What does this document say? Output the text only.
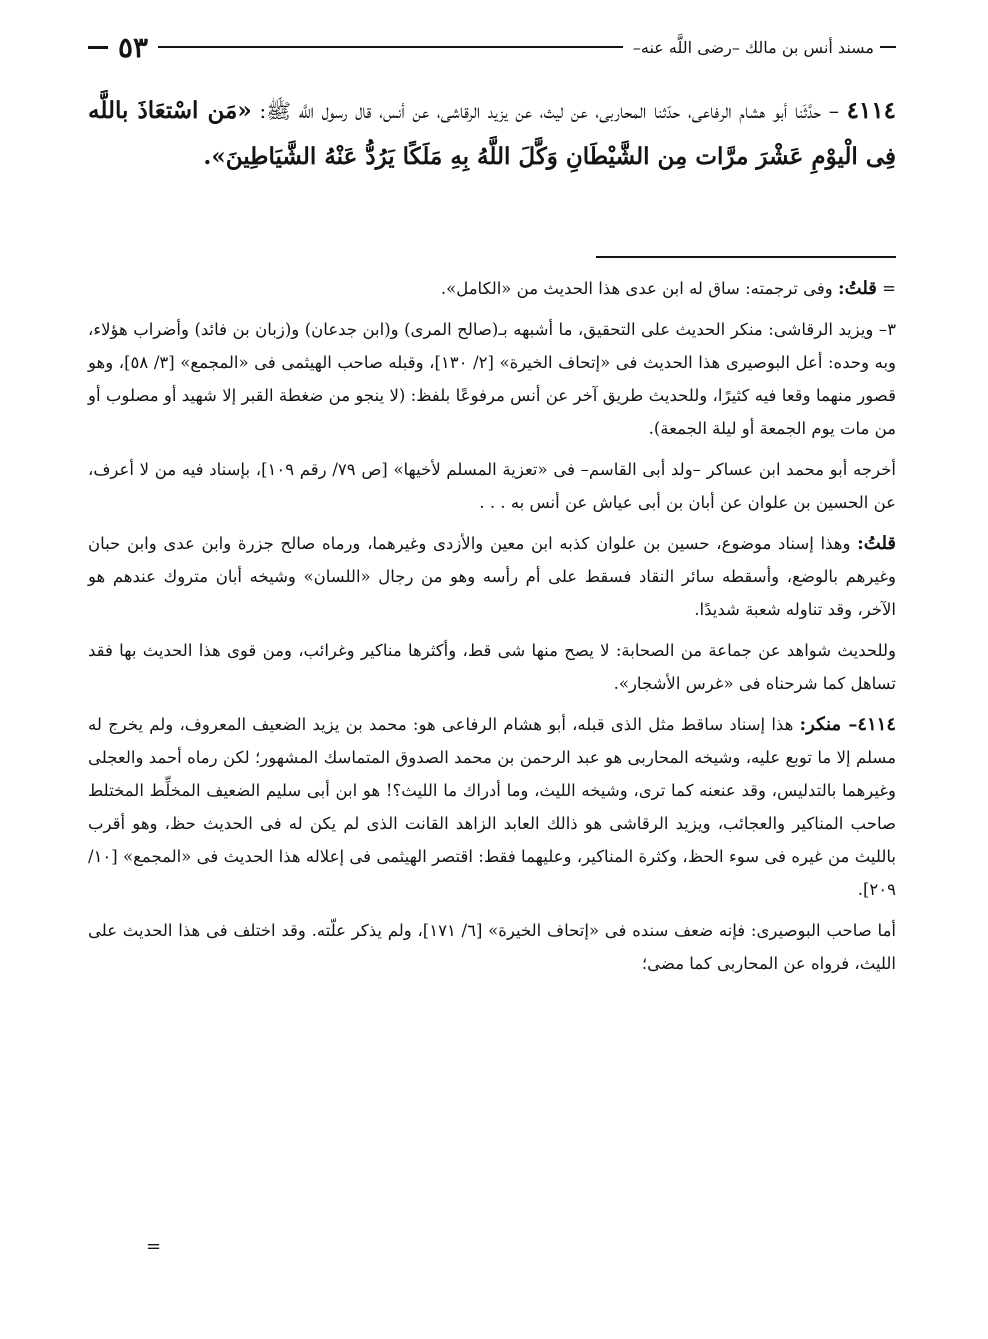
مسند أنس بن مالك –رضى اللَّه عنه–
٥٣
٤١١٤ – حدَّثَنا أبو هشام الرفاعى، حدّثنا المحاربى، عن ليث، عن يزيد الرقاشى، عن أنس، قال رسول اللَّه ﷺ: «مَن اسْتعَاذَ باللَّه فِى الْيوْمِ عَشْرَ مرَّات مِن الشَّيْطَانِ وَكَّلَ اللَّهُ بِهِ مَلَكًا يَرُدُّ عَنْهُ الشَّيَاطِينَ».

= قلتُ: وفى ترجمته: ساق له ابن عدى هذا الحديث من «الكامل».

٣– ويزيد الرقاشى: منكر الحديث على التحقيق، ما أشبهه بـ(صالح المرى) و(ابن جدعان) و(زبان بن فائد) وأضراب هؤلاء، وبه وحده: أعل البوصيرى هذا الحديث فى «إتحاف الخيرة» [٢/ ١٣٠]، وقبله صاحب الهيثمى فى «المجمع» [٣/ ٥٨]، وهو قصور منهما وقعا فيه كثيرًا، وللحديث طريق آخر عن أنس مرفوعًا بلفظ: (لا ينجو من ضغطة القبر إلا شهيد أو مصلوب أو من مات يوم الجمعة أو ليلة الجمعة).

أخرجه أبو محمد ابن عساكر –ولد أبى القاسم– فى «تعزية المسلم لأخيها» [ص ٧٩/ رقم ١٠٩]، بإسناد فيه من لا أعرف، عن الحسين بن علوان عن أبان بن أبى عياش عن أنس به . . .

قلتُ: وهذا إسناد موضوع، حسين بن علوان كذبه ابن معين والأزدى وغيرهما، ورماه صالح جزرة وابن عدى وابن حبان وغيرهم بالوضع، وأسقطه سائر النقاد فسقط على أم رأسه وهو من رجال «اللسان» وشيخه أبان متروك عندهم هو الآخر، وقد تناوله شعبة شديدًا.

وللحديث شواهد عن جماعة من الصحابة: لا يصح منها شى قط، وأكثرها مناكير وغرائب، ومن قوى هذا الحديث بها فقد تساهل كما شرحناه فى «غرس الأشجار».

٤١١٤– منكر: هذا إسناد ساقط مثل الذى قبله، أبو هشام الرفاعى هو: محمد بن يزيد الضعيف المعروف، ولم يخرج له مسلم إلا ما توبع عليه، وشيخه المحاربى هو عبد الرحمن بن محمد الصدوق المتماسك المشهور؛ لكن رماه أحمد والعجلى وغيرهما بالتدليس، وقد عنعنه كما ترى، وشيخه الليث، وما أدراك ما الليث؟! هو ابن أبى سليم الضعيف المخلِّط المختلط صاحب المناكير والعجائب، ويزيد الرقاشى هو ذالك العابد الزاهد القانت الذى لم يكن له فى الحديث حظ، وهو أقرب بالليث من غيره فى سوء الحظ، وكثرة المناكير، وعليهما فقط: اقتصر الهيثمى فى إعلاله هذا الحديث فى «المجمع» [١٠/ ٢٠٩].

أما صاحب البوصيرى: فإنه ضعف سنده فى «إتحاف الخيرة» [٦/ ١٧١]، ولم يذكر علّته. وقد اختلف فى هذا الحديث على الليث، فرواه عن المحاربى كما مضى؛

=
